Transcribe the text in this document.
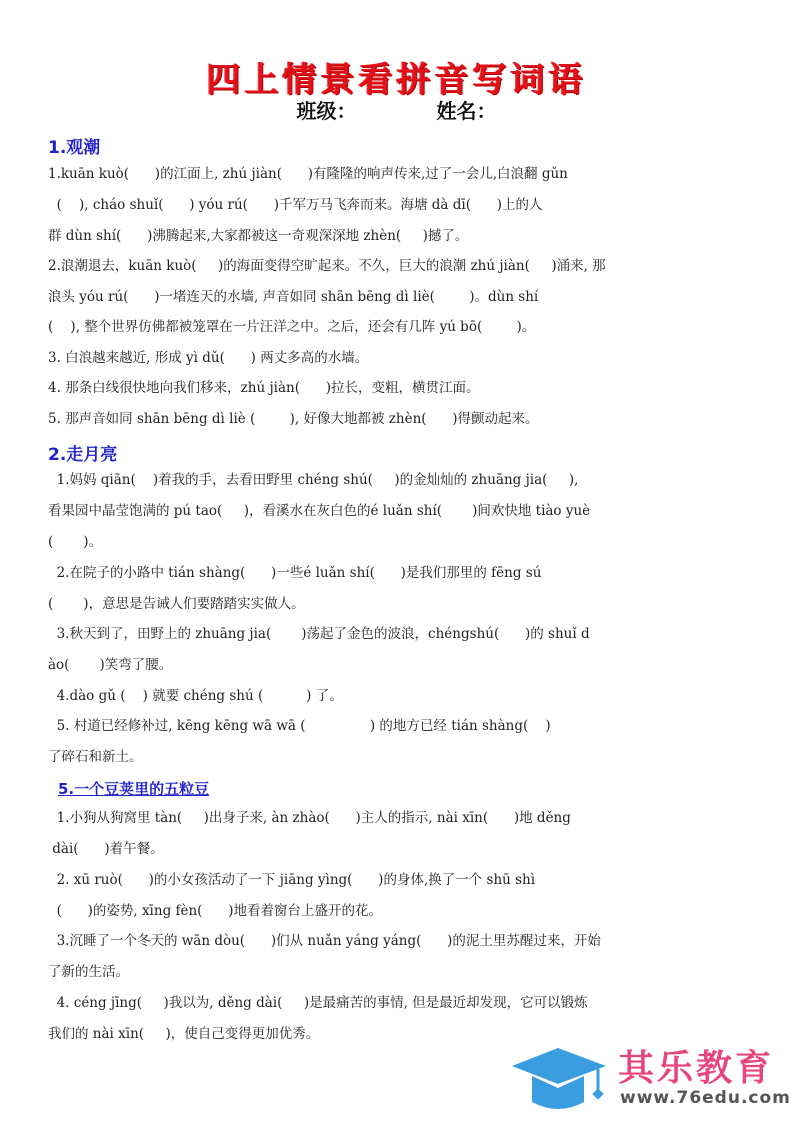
四上情景看拼音写词语
班级：	姓名：
1.观潮
1.kuān kuò(      )的江面上, zhú jiàn(      )有隆隆的响声传来,过了一会儿,白浪翻 gǔn
(    ), cháo shuǐ(      ) yóu rú(      )千军万马飞奔而来。海塘 dà dī(      )上的人
群 dùn shí(      )沸腾起来,大家都被这一奇观深深地 zhèn(     )撼了。
2.浪潮退去，kuān kuò(     )的海面变得空旷起来。不久，巨大的浪潮 zhú jiàn(     )涌来, 那
浪头 yóu rú(      )一堵连天的水墙, 声音如同 shān bēng dì liè(        )。dùn shí
(    ), 整个世界仿佛都被笼罩在一片汪洋之中。之后，还会有几阵 yú bō(        )。
3. 白浪越来越近, 形成 yì dǔ(      ) 两丈多高的水墙。
4. 那条白线很快地向我们移来，zhú jiàn(      )拉长，变粗，横贯江面。
5. 那声音如同 shān bēng dì liè (        ), 好像大地都被 zhèn(      )得颤动起来。
2.走月亮
1.妈妈 qiān(    )着我的手，去看田野里 chéng shú(     )的金灿灿的 zhuāng jia(     ),
看果园中晶莹饱满的 pú tao(     )，看溪水在灰白色的é luǎn shí(       )间欢快地 tiào yuè
(       )。
2.在院子的小路中 tián shàng(      )一些é luǎn shí(      )是我们那里的 fēng sú
(       )，意思是告诫人们要踏踏实实做人。
3.秋天到了，田野上的 zhuāng jia(       )荡起了金色的波浪，chéngshú(      )的 shuǐ d
ào(       )笑弯了腰。
4.dào gǔ (    ) 就要 chéng shú (          ) 了。
5. 村道已经修补过, kēng kēng wā wā (               ) 的地方已经 tián shàng(    )
了碎石和新土。
5.一个豆荚里的五粒豆
1.小狗从狗窝里 tàn(     )出身子来, àn zhào(      )主人的指示, nài xīn(      )地 děng
dài(      )着午餐。
2. xū ruò(      )的小女孩活动了一下 jiāng yìng(      )的身体,换了一个 shū shì
(      )的姿势, xīng fèn(      )地看着窗台上盛开的花。
3.沉睡了一个冬天的 wān dòu(      )们从 nuǎn yáng yáng(      )的泥土里苏醒过来，开始
了新的生活。
4. céng jīng(     )我以为, děng dài(     )是最痛苦的事情, 但是最近却发现，它可以锻炼
我们的 nài xīn(     )，使自己变得更加优秀。
其乐教育
www.76edu.com
